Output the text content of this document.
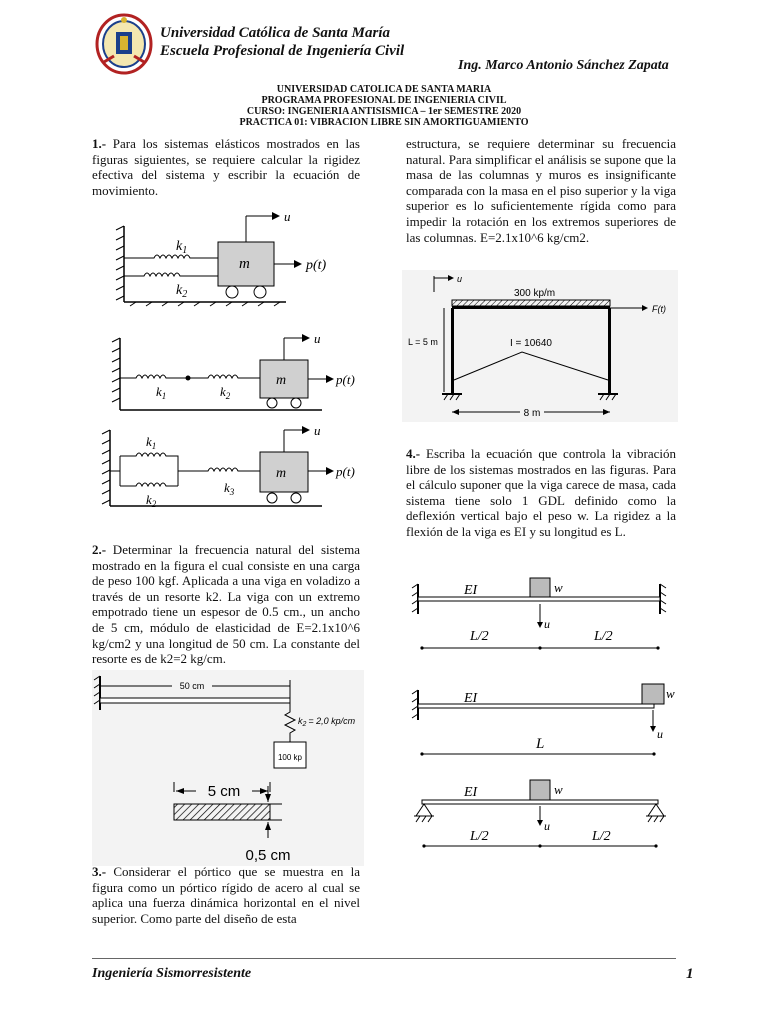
Universidad Católica de Santa María
Escuela Profesional de Ingeniería Civil
Ing. Marco Antonio Sánchez Zapata
UNIVERSIDAD CATOLICA DE SANTA MARIA
PROGRAMA PROFESIONAL DE INGENIERIA CIVIL
CURSO: INGENIERIA ANTISISMICA – 1er SEMESTRE 2020
PRACTICA 01: VIBRACION LIBRE SIN AMORTIGUAMIENTO
1.- Para los sistemas elásticos mostrados en las figuras siguientes, se requiere calcular la rigidez efectiva del sistema y escribir la ecuación de movimiento.
u
$k_1$
$k_2$
m	p(t)
$k_1$	$k_2$
m	p(t)
u
$k_1$
$k_2$
$k_3$
m	p(t)
u
2.- Determinar la frecuencia natural del sistema mostrado en la figura el cual consiste en una carga de peso 100 kgf. Aplicada a una viga en voladizo a través de un resorte k2. La viga con un extremo empotrado tiene un espesor de 0.5 cm., un ancho de 5 cm, módulo de elasticidad de E=2.1x10^6 kg/cm2 y una longitud de 50 cm. La constante del resorte es de k2=2 kg/cm.
50 cm
$k_2 = 2,0$ kp/cm
100 kp
5 cm
0,5 cm
3.- Considerar el pórtico que se muestra en la figura como un pórtico rígido de acero al cual se aplica una fuerza dinámica horizontal en el nivel superior. Como parte del diseño de esta
estructura, se requiere determinar su frecuencia natural. Para simplificar el análisis se supone que la masa de las columnas y muros es insignificante comparada con la masa en el piso superior y la viga superior es lo suficientemente rígida como para impedir la rotación en los extremos superiores de las columnas. E=2.1x10^6 kg/cm2.
u
300 kp/m
F(t)
I = 10640
L = 5 m
8 m
4.- Escriba la ecuación que controla la vibración libre de los sistemas mostrados en las figuras. Para el cálculo suponer que la viga carece de masa, cada sistema tiene solo 1 GDL definido como la deflexión vertical bajo el peso w. La rigidez a la flexión de la viga es EI y su longitud es L.
EI	w
u
L/2	L/2
EI	w
u
L
EI	w
u
L/2	L/2
Ingeniería Sismorresistente	1
